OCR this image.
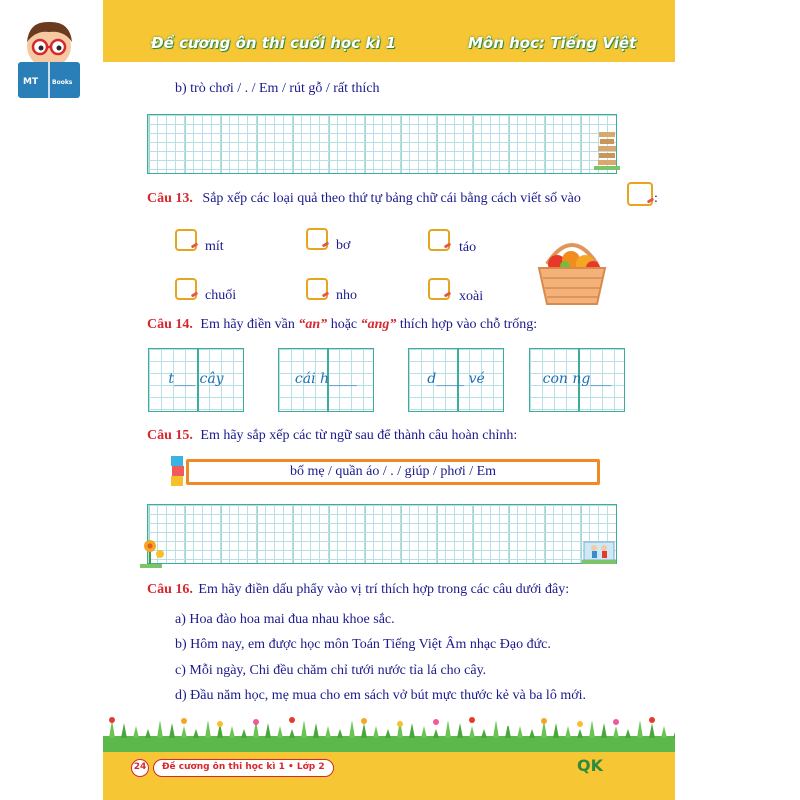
MT Books
Đề cương ôn thi cuối học kì 1	Môn học: Tiếng Việt
b) trò chơi / . / Em / rút gỗ / rất thích
Câu 13. Sắp xếp các loại quả theo thứ tự bảng chữ cái bằng cách viết số vào	:
mít	bơ	táo
chuối	nho	xoài
Câu 14. Em hãy điền vần “an” hoặc “ang” thích hợp vào chỗ trống:
t___ cây	cái h____	d____ vé	con ng___
Câu 15. Em hãy sắp xếp các từ ngữ sau để thành câu hoàn chỉnh:
bố mẹ / quần áo / . / giúp / phơi / Em
Câu 16. Em hãy điền dấu phẩy vào vị trí thích hợp trong các câu dưới đây:
a) Hoa đào hoa mai đua nhau khoe sắc.
b) Hôm nay, em được học môn Toán Tiếng Việt Âm nhạc Đạo đức.
c) Mỗi ngày, Chi đều chăm chỉ tưới nước tỉa lá cho cây.
d) Đầu năm học, mẹ mua cho em sách vở bút mực thước kẻ và ba lô mới.
24	Đề cương ôn thi học kì 1 • Lớp 2	QK
